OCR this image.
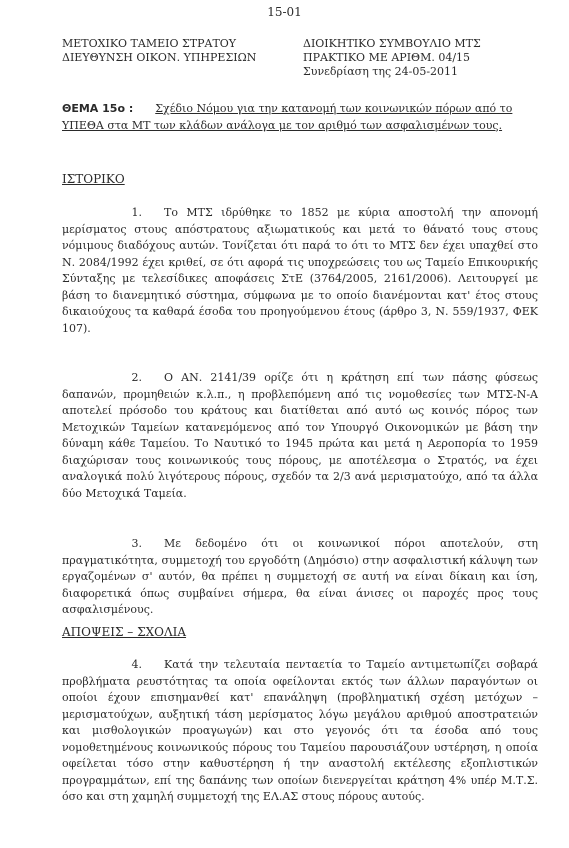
15-01
ΜΕΤΟΧΙΚΟ ΤΑΜΕΙΟ ΣΤΡΑΤΟΥ
ΔΙΕΥΘΥΝΣΗ ΟΙΚΟΝ. ΥΠΗΡΕΣΙΩΝ
ΔΙΟΙΚΗΤΙΚΟ ΣΥΜΒΟΥΛΙΟ ΜΤΣ
ΠΡΑΚΤΙΚΟ ΜΕ ΑΡΙΘΜ. 04/15
Συνεδρίαση της 24-05-2011
ΘΕΜΑ 15ο : Σχέδιο Νόμου για την κατανομή των κοινωνικών πόρων από το ΥΠΕΘΑ στα ΜΤ των κλάδων ανάλογα με τον αριθμό των ασφαλισμένων τους.
ΙΣΤΟΡΙΚΟ
1. Το ΜΤΣ ιδρύθηκε το 1852 με κύρια αποστολή την απονομή μερίσματος στους απόστρατους αξιωματικούς και μετά το θάνατό τους στους νόμιμους διαδόχους αυτών. Τονίζεται ότι παρά το ότι το ΜΤΣ δεν έχει υπαχθεί στο Ν. 2084/1992 έχει κριθεί, σε ότι αφορά τις υποχρεώσεις του ως Ταμείο Επικουρικής Σύνταξης με τελεσίδικες αποφάσεις ΣτΕ (3764/2005, 2161/2006). Λειτουργεί με βάση το διανεμητικό σύστημα, σύμφωνα με το οποίο διανέμονται κατ' έτος στους δικαιούχους τα καθαρά έσοδα του προηγούμενου έτους (άρθρο 3, Ν. 559/1937, ΦΕΚ 107).
2. Ο ΑΝ. 2141/39 ορίζε ότι η κράτηση επί των πάσης φύσεως δαπανών, προμηθειών κ.λ.π., η προβλεπόμενη από τις νομοθεσίες των ΜΤΣ-Ν-Α αποτελεί πρόσοδο του κράτους και διατίθεται από αυτό ως κοινός πόρος των Μετοχικών Ταμείων κατανεμόμενος από τον Υπουργό Οικονομικών με βάση την δύναμη κάθε Ταμείου. Το Ναυτικό το 1945 πρώτα και μετά η Αεροπορία το 1959 διαχώρισαν τους κοινωνικούς τους πόρους, με αποτέλεσμα ο Στρατός, να έχει αναλογικά πολύ λιγότερους πόρους, σχεδόν τα 2/3 ανά μερισματούχο, από τα άλλα δύο Μετοχικά Ταμεία.
3. Με δεδομένο ότι οι κοινωνικοί πόροι αποτελούν, στη πραγματικότητα, συμμετοχή του εργοδότη (Δημόσιο) στην ασφαλιστική κάλυψη των εργαζομένων σ' αυτόν, θα πρέπει η συμμετοχή σε αυτή να είναι δίκαιη και ίση, διαφορετικά όπως συμβαίνει σήμερα, θα είναι άνισες οι παροχές προς τους ασφαλισμένους.
ΑΠΟΨΕΙΣ – ΣΧΟΛΙΑ
4. Κατά την τελευταία πενταετία το Ταμείο αντιμετωπίζει σοβαρά προβλήματα ρευστότητας τα οποία οφείλονται εκτός των άλλων παραγόντων οι οποίοι έχουν επισημανθεί κατ' επανάληψη (προβληματική σχέση μετόχων – μερισματούχων, αυξητική τάση μερίσματος λόγω μεγάλου αριθμού αποστρατειών και μισθολογικών προαγωγών) και στο γεγονός ότι τα έσοδα από τους νομοθετημένους κοινωνικούς πόρους του Ταμείου παρουσιάζουν υστέρηση, η οποία οφείλεται τόσο στην καθυστέρηση ή την αναστολή εκτέλεσης εξοπλιστικών προγραμμάτων, επί της δαπάνης των οποίων διενεργείται κράτηση 4% υπέρ Μ.Τ.Σ. όσο και στη χαμηλή συμμετοχή της ΕΛ.ΑΣ στους πόρους αυτούς.
